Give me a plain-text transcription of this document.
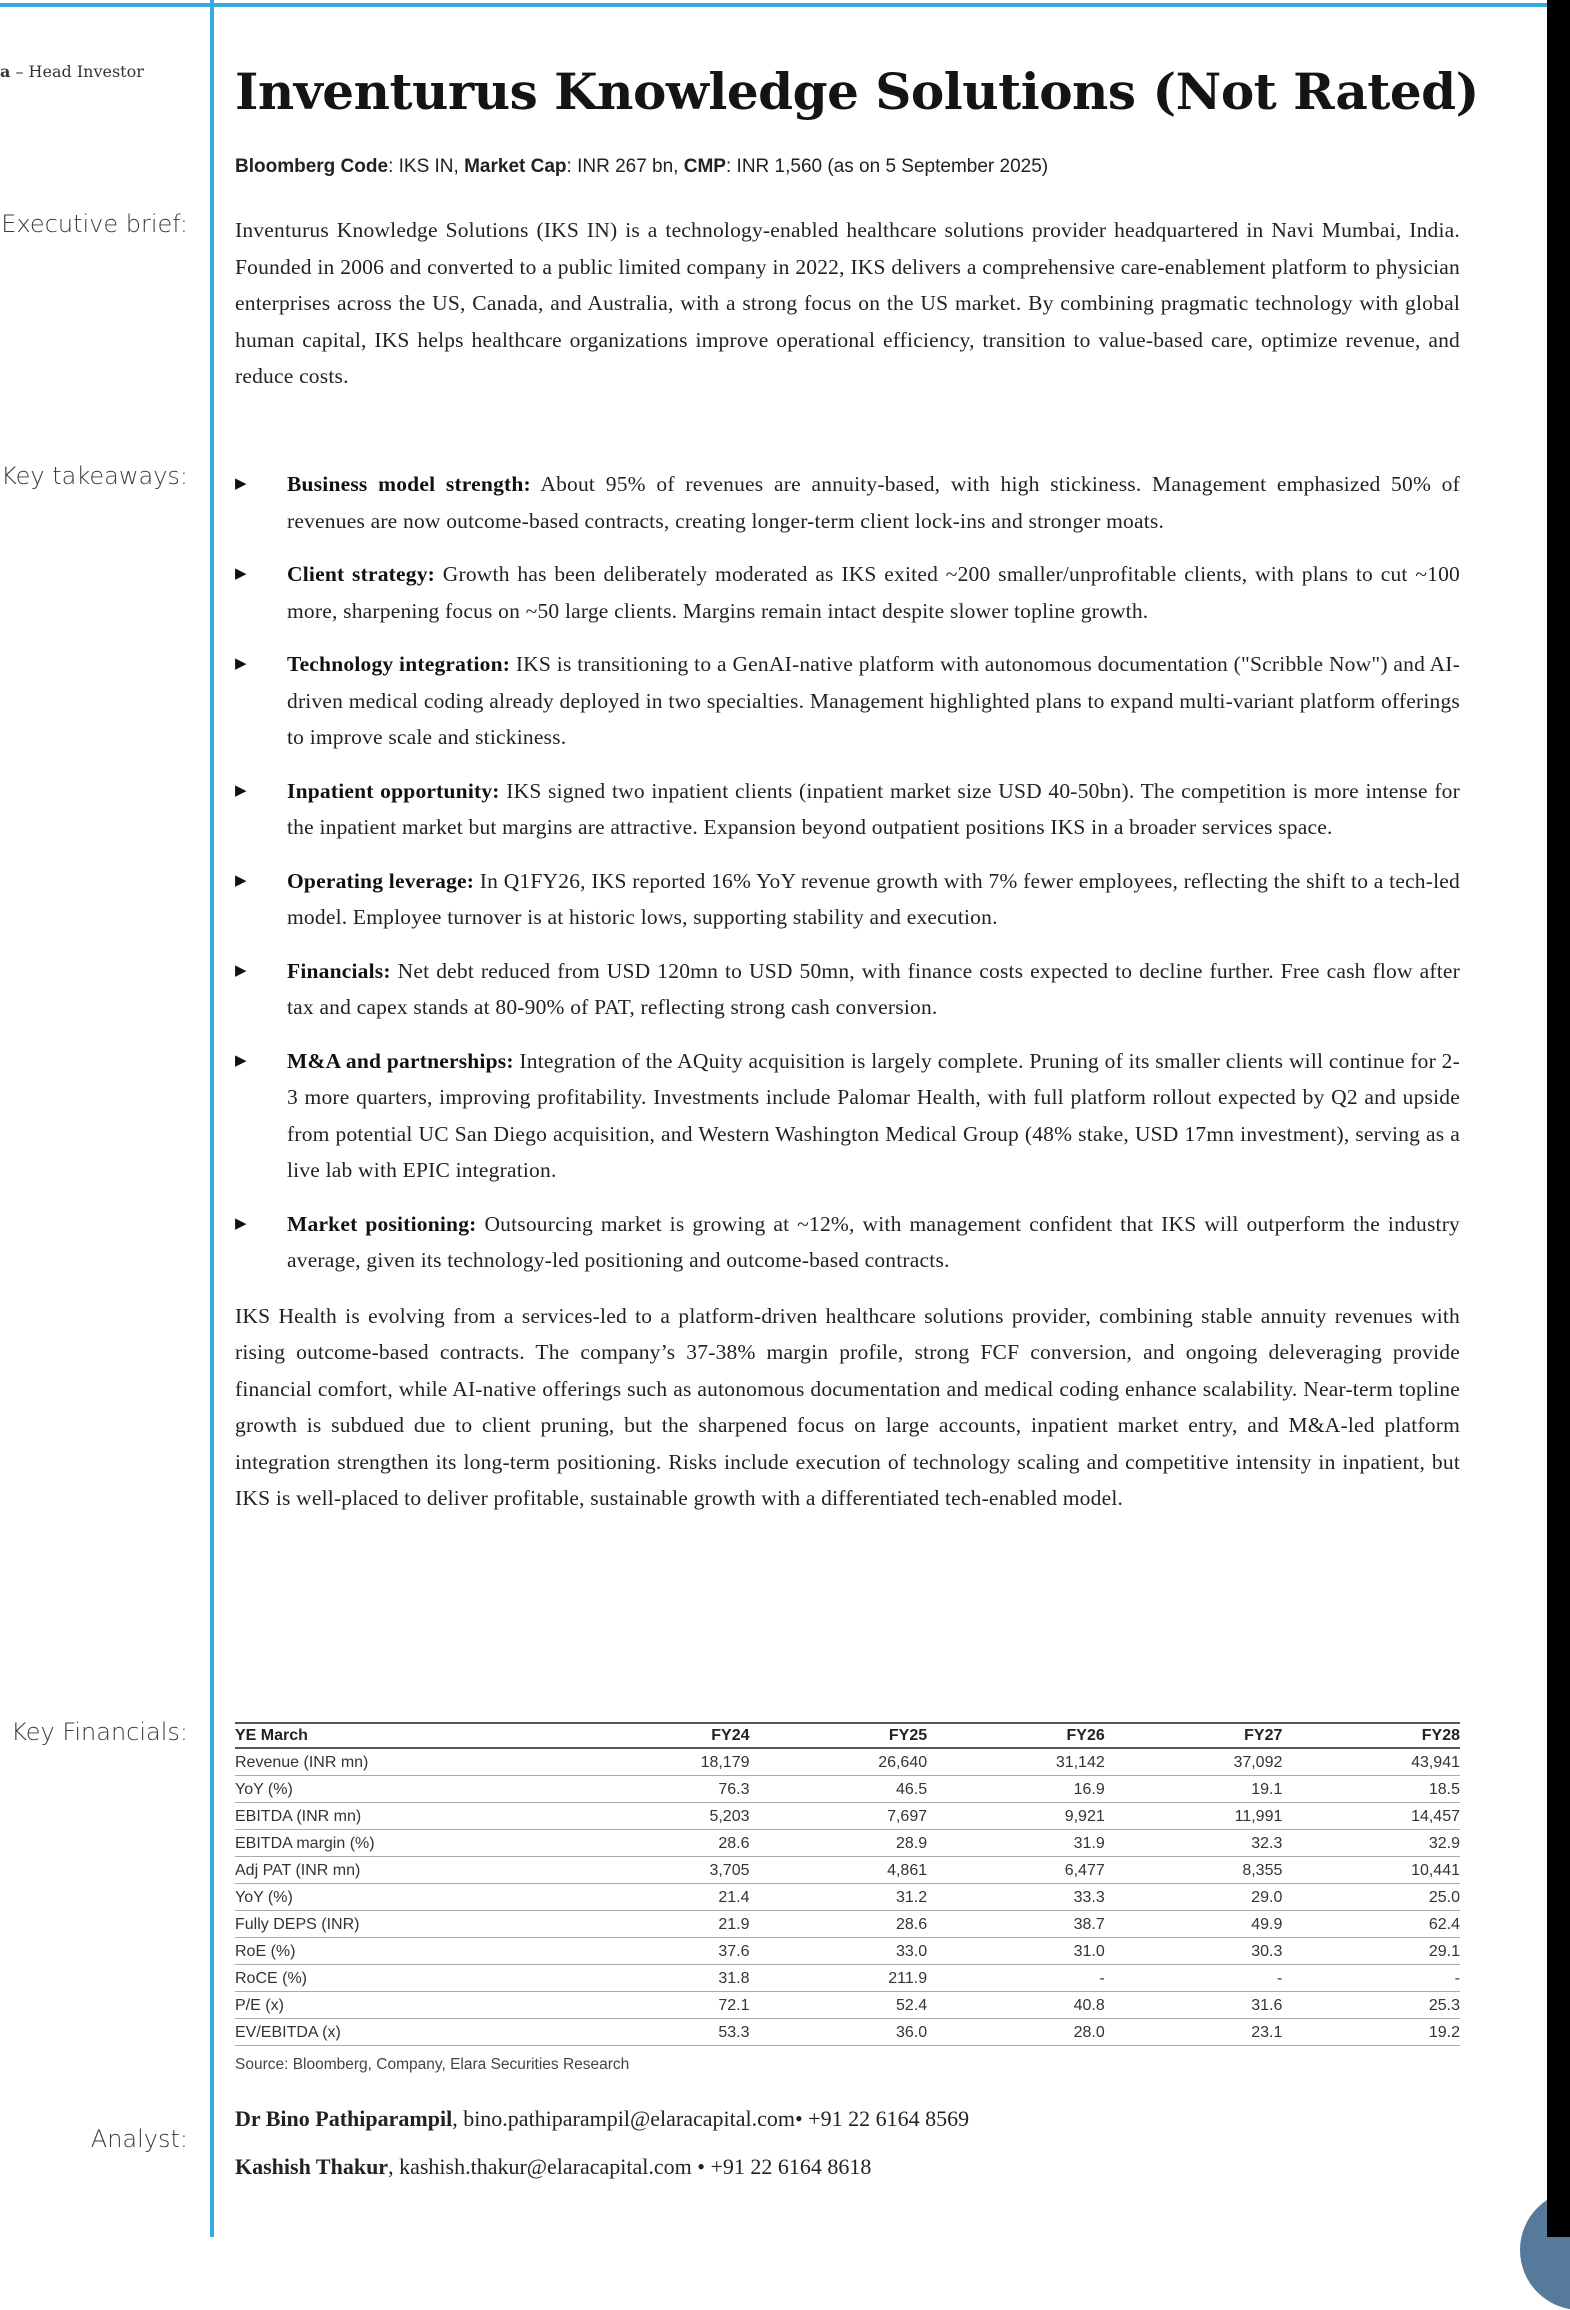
a – Head Investor Inventurus Knowledge Solutions (Not Rated)
Bloomberg Code: IKS IN, Market Cap: INR 267 bn, CMP: INR 1,560 (as on 5 September 2025)
Executive brief: Inventurus Knowledge Solutions (IKS IN) is a technology-enabled healthcare solutions provider headquartered in Navi Mumbai, India. Founded in 2006 and converted to a public limited company in 2022, IKS delivers a comprehensive care-enablement platform to physician enterprises across the US, Canada, and Australia, with a strong focus on the US market. By combining pragmatic technology with global human capital, IKS helps healthcare organizations improve operational efficiency, transition to value-based care, optimize revenue, and reduce costs.
Key takeaways:	▶ Business model strength: About 95% of revenues are annuity-based, with high stickiness. Management emphasized 50% of revenues are now outcome-based contracts, creating longer-term client lock-ins and stronger moats.
▶ Client strategy: Growth has been deliberately moderated as IKS exited ~200 smaller/unprofitable clients, with plans to cut ~100 more, sharpening focus on ~50 large clients. Margins remain intact despite slower topline growth.
▶ Technology integration: IKS is transitioning to a GenAI-native platform with autonomous documentation ("Scribble Now") and AI-driven medical coding already deployed in two specialties. Management highlighted plans to expand multi-variant platform offerings to improve scale and stickiness.
▶ Inpatient opportunity: IKS signed two inpatient clients (inpatient market size USD 40-50bn). The competition is more intense for the inpatient market but margins are attractive. Expansion beyond outpatient positions IKS in a broader services space.
▶ Operating leverage: In Q1FY26, IKS reported 16% YoY revenue growth with 7% fewer employees, reflecting the shift to a tech-led model. Employee turnover is at historic lows, supporting stability and execution.
▶ Financials: Net debt reduced from USD 120mn to USD 50mn, with finance costs expected to decline further. Free cash flow after tax and capex stands at 80-90% of PAT, reflecting strong cash conversion.
▶ M&A and partnerships: Integration of the AQuity acquisition is largely complete. Pruning of its smaller clients will continue for 2-3 more quarters, improving profitability. Investments include Palomar Health, with full platform rollout expected by Q2 and upside from potential UC San Diego acquisition, and Western Washington Medical Group (48% stake, USD 17mn investment), serving as a live lab with EPIC integration.
▶ Market positioning: Outsourcing market is growing at ~12%, with management confident that IKS will outperform the industry average, given its technology-led positioning and outcome-based contracts.
IKS Health is evolving from a services-led to a platform-driven healthcare solutions provider, combining stable annuity revenues with rising outcome-based contracts. The company’s 37-38% margin profile, strong FCF conversion, and ongoing deleveraging provide financial comfort, while AI-native offerings such as autonomous documentation and medical coding enhance scalability. Near-term topline growth is subdued due to client pruning, but the sharpened focus on large accounts, inpatient market entry, and M&A-led platform integration strengthen its long-term positioning. Risks include execution of technology scaling and competitive intensity in inpatient, but IKS is well-placed to deliver profitable, sustainable growth with a differentiated tech-enabled model.
Key Financials:	YE March	FY24	FY25	FY26	FY27	FY28
Revenue (INR mn)	18,179	26,640	31,142	37,092	43,941
YoY (%)	76.3	46.5	16.9	19.1	18.5
EBITDA (INR mn)	5,203	7,697	9,921	11,991	14,457
EBITDA margin (%)	28.6	28.9	31.9	32.3	32.9
Adj PAT (INR mn)	3,705	4,861	6,477	8,355	10,441
YoY (%)	21.4	31.2	33.3	29.0	25.0
Fully DEPS (INR)	21.9	28.6	38.7	49.9	62.4
RoE (%)	37.6	33.0	31.0	30.3	29.1
RoCE (%)	31.8	211.9	-	-	-
P/E (x)	72.1	52.4	40.8	31.6	25.3
EV/EBITDA (x)	53.3	36.0	28.0	23.1	19.2
Source: Bloomberg, Company, Elara Securities Research
Analyst:
Dr Bino Pathiparampil, bino.pathiparampil@elaracapital.com• +91 22 6164 8569
Kashish Thakur, kashish.thakur@elaracapital.com • +91 22 6164 8618
